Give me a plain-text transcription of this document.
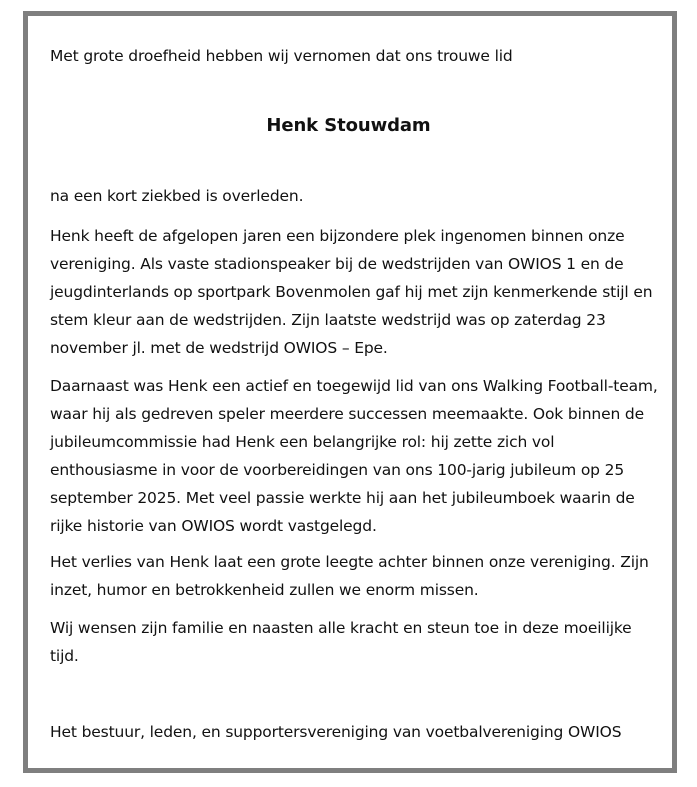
Met grote droefheid hebben wij vernomen dat ons trouwe lid

Henk Stouwdam

na een kort ziekbed is overleden.

Henk heeft de afgelopen jaren een bijzondere plek ingenomen binnen onze vereniging. Als vaste stadionspeaker bij de wedstrijden van OWIOS 1 en de jeugdinterlands op sportpark Bovenmolen gaf hij met zijn kenmerkende stijl en stem kleur aan de wedstrijden. Zijn laatste wedstrijd was op zaterdag 23 november jl. met de wedstrijd OWIOS – Epe.

Daarnaast was Henk een actief en toegewijd lid van ons Walking Football-team, waar hij als gedreven speler meerdere successen meemaakte. Ook binnen de jubileumcommissie had Henk een belangrijke rol: hij zette zich vol enthousiasme in voor de voorbereidingen van ons 100-jarig jubileum op 25 september 2025. Met veel passie werkte hij aan het jubileumboek waarin de rijke historie van OWIOS wordt vastgelegd.

Het verlies van Henk laat een grote leegte achter binnen onze vereniging. Zijn inzet, humor en betrokkenheid zullen we enorm missen.

Wij wensen zijn familie en naasten alle kracht en steun toe in deze moeilijke tijd.

Het bestuur, leden, en supportersvereniging van voetbalvereniging OWIOS
